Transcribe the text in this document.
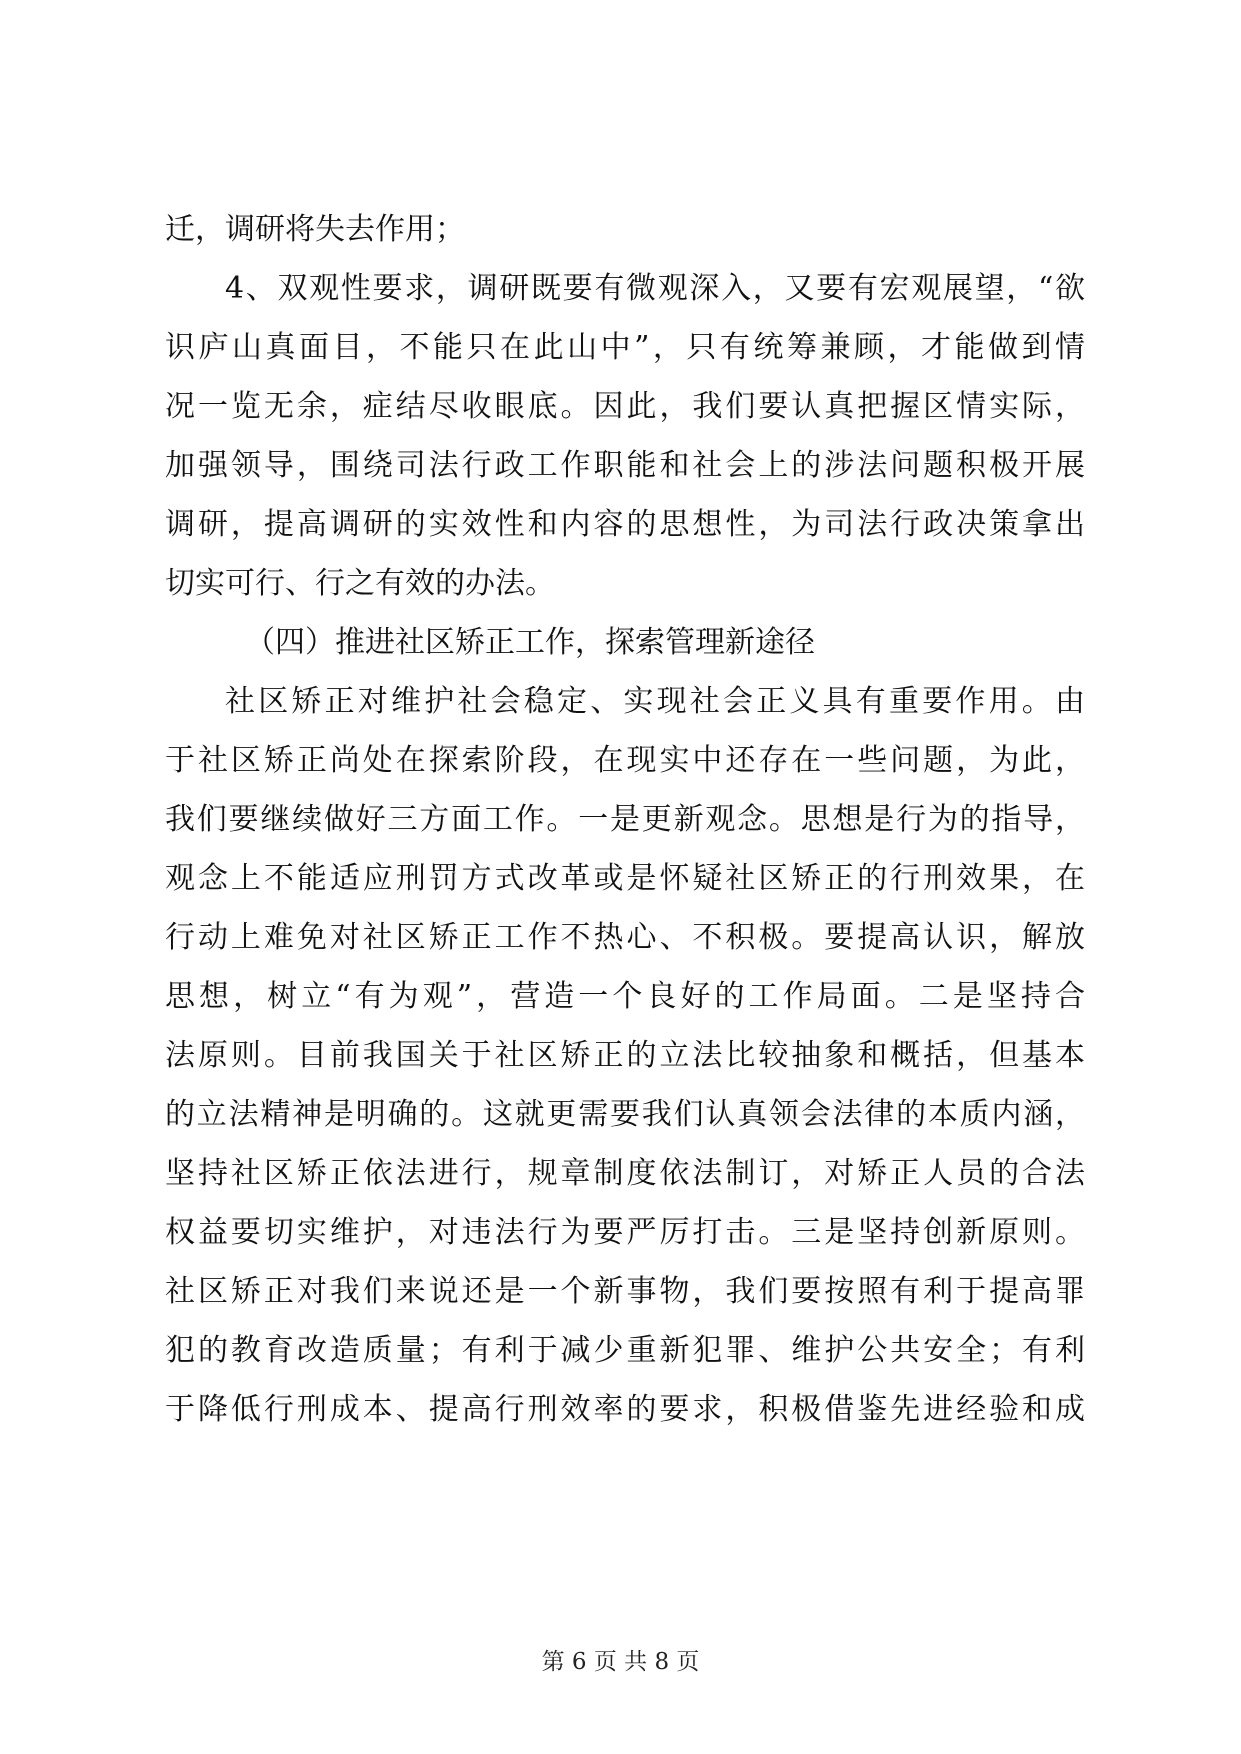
迁，调研将失去作用；
4、双观性要求，调研既要有微观深入，又要有宏观展望，“欲
识庐山真面目，不能只在此山中”，只有统筹兼顾，才能做到情
况一览无余，症结尽收眼底。因此，我们要认真把握区情实际，
加强领导，围绕司法行政工作职能和社会上的涉法问题积极开展
调研，提高调研的实效性和内容的思想性，为司法行政决策拿出
切实可行、行之有效的办法。
（四）推进社区矫正工作，探索管理新途径
社区矫正对维护社会稳定、实现社会正义具有重要作用。由
于社区矫正尚处在探索阶段，在现实中还存在一些问题，为此，
我们要继续做好三方面工作。一是更新观念。思想是行为的指导，
观念上不能适应刑罚方式改革或是怀疑社区矫正的行刑效果，在
行动上难免对社区矫正工作不热心、不积极。要提高认识，解放
思想，树立“有为观”，营造一个良好的工作局面。二是坚持合
法原则。目前我国关于社区矫正的立法比较抽象和概括，但基本
的立法精神是明确的。这就更需要我们认真领会法律的本质内涵，
坚持社区矫正依法进行，规章制度依法制订，对矫正人员的合法
权益要切实维护，对违法行为要严厉打击。三是坚持创新原则。
社区矫正对我们来说还是一个新事物，我们要按照有利于提高罪
犯的教育改造质量；有利于减少重新犯罪、维护公共安全；有利
于降低行刑成本、提高行刑效率的要求，积极借鉴先进经验和成
第 6 页 共 8 页
